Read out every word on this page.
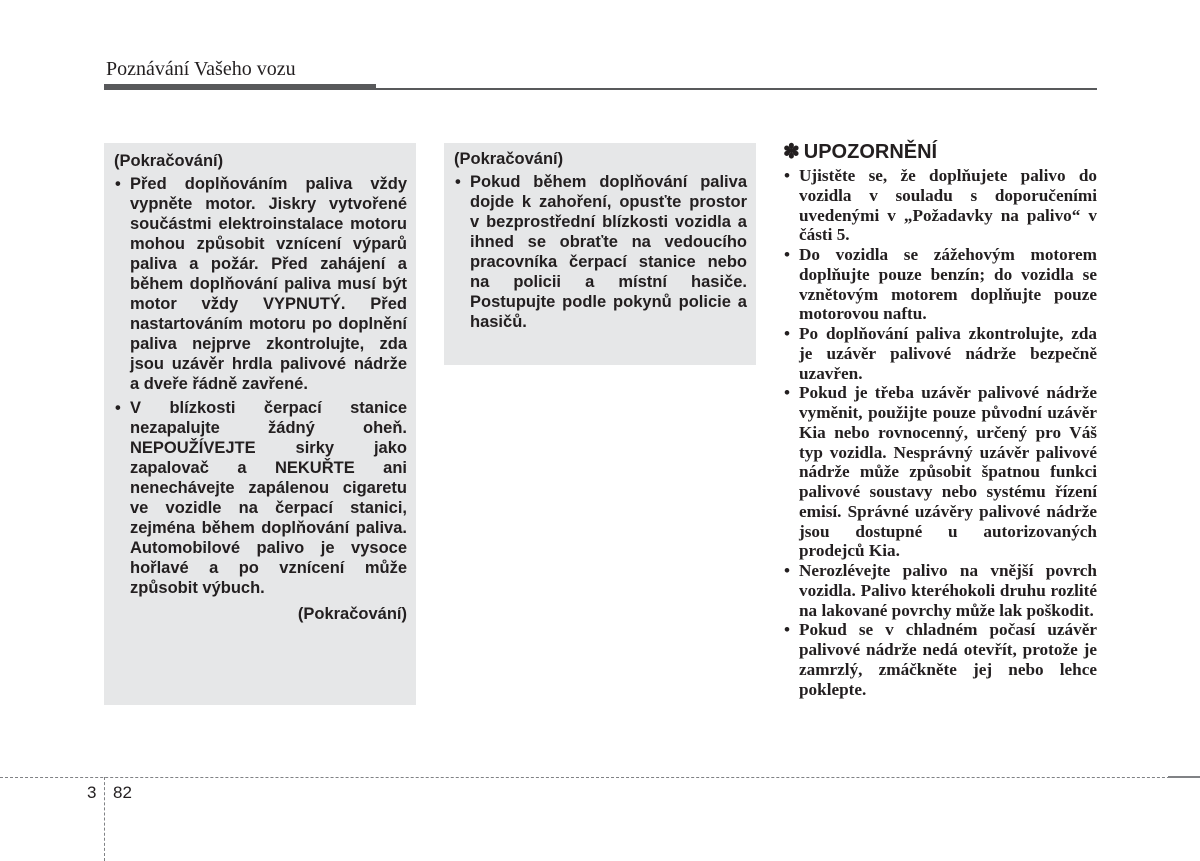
Poznávání Vašeho vozu
(Pokračování)
• Před doplňováním paliva vždy vypněte motor. Jiskry vytvořené součástmi elektroinstalace motoru mohou způsobit vznícení výparů paliva a požár. Před zahájení a během doplňování paliva musí být motor vždy VYPNUTÝ. Před nastartováním motoru po doplnění paliva nejprve zkontrolujte, zda jsou uzávěr hrdla palivové nádrže a dveře řádně zavřené.
• V blízkosti čerpací stanice nezapalujte žádný oheň. NEPOUŽÍVEJTE sirky jako zapalovač a NEKUŘTE ani nenechávejte zapálenou cigaretu ve vozidle na čerpací stanici, zejména během doplňování paliva. Automobilové palivo je vysoce hořlavé a po vznícení může způsobit výbuch.
(Pokračování)
(Pokračování)
• Pokud během doplňování paliva dojde k zahoření, opusťte prostor v bezprostřední blízkosti vozidla a ihned se obraťte na vedoucího pracovníka čerpací stanice nebo na policii a místní hasiče. Postupujte podle pokynů policie a hasičů.
✽ UPOZORNĚNÍ
• Ujistěte se, že doplňujete palivo do vozidla v souladu s doporučeními uvedenými v „Požadavky na palivo“ v části 5.
• Do vozidla se zážehovým motorem doplňujte pouze benzín; do vozidla se vznětovým motorem doplňujte pouze motorovou naftu.
• Po doplňování paliva zkontrolujte, zda je uzávěr palivové nádrže bezpečně uzavřen.
• Pokud je třeba uzávěr palivové nádrže vyměnit, použijte pouze původní uzávěr Kia nebo rovnocenný, určený pro Váš typ vozidla. Nesprávný uzávěr palivové nádrže může způsobit špatnou funkci palivové soustavy nebo systému řízení emisí. Správné uzávěry palivové nádrže jsou dostupné u autorizovaných prodejců Kia.
• Nerozlévejte palivo na vnější povrch vozidla. Palivo kteréhokoli druhu rozlité na lakované povrchy může lak poškodit.
• Pokud se v chladném počasí uzávěr palivové nádrže nedá otevřít, protože je zamrzlý, zmáčkněte jej nebo lehce poklepte.
3 82
